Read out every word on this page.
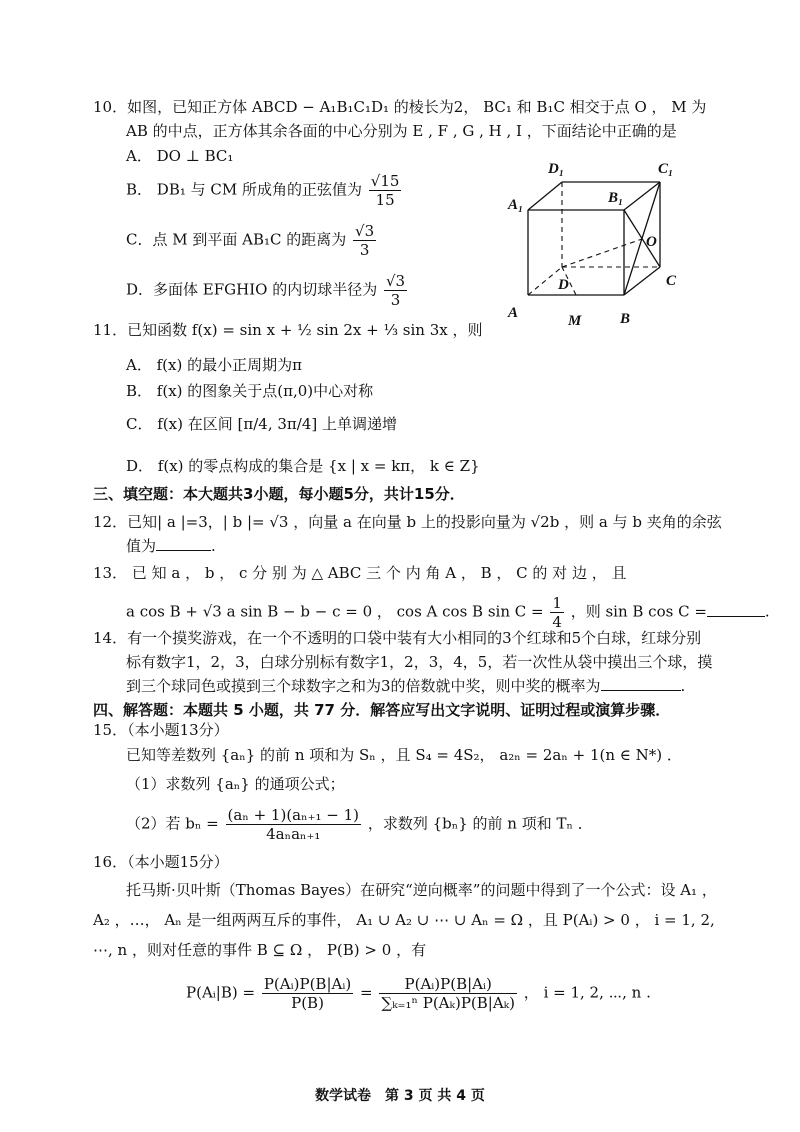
10．如图，已知正方体 ABCD − A₁B₁C₁D₁ 的棱长为2， BC₁ 和 B₁C 相交于点 O ， M 为
AB 的中点，正方体其余各面的中心分别为 E , F , G , H , I ，下面结论中正确的是
A． DO ⊥ BC₁
B． DB₁ 与 CM 所成角的正弦值为 $\frac{√15}{15}$
C．点 M 到平面 AB₁C 的距离为 $\frac{√3}{3}$
D．多面体 EFGHIO 的内切球半径为 $\frac{√3}{3}$
D₁	C₁
B₁
A₁
O
D	C
A	M	B
11．已知函数 f(x) = sin x + ½ sin 2x + ⅓ sin 3x ，则
A． f(x) 的最小正周期为π
B． f(x) 的图象关于点(π,0)中心对称
C． f(x) 在区间 [π/4, 3π/4] 上单调递增
D． f(x) 的零点构成的集合是 {x | x = kπ， k ∈ Z}
三、填空题：本大题共3小题，每小题5分，共计15分．
12．已知| a |=3，| b |= √3 ，向量 a 在向量 b 上的投影向量为 √2b ，则 a 与 b 夹角的余弦
值为	.
13． 已 知 a ， b ， c 分 别 为 △ ABC 三 个 内 角 A ， B ， C 的 对 边 ， 且
a cos B + √3 a sin B − b − c = 0 ， cos A cos B $\sin C = \frac{1}{4}$ ，则 sin B cos C =	.
14．有一个摸奖游戏，在一个不透明的口袋中装有大小相同的3个红球和5个白球，红球分别
标有数字1，2，3，白球分别标有数字1，2，3，4，5，若一次性从袋中摸出三个球，摸
到三个球同色或摸到三个球数字之和为3的倍数就中奖，则中奖的概率为	.
四、解答题：本题共 5 小题，共 77 分．解答应写出文字说明、证明过程或演算步骤．
15．（本小题13分）
已知等差数列 {aₙ} 的前 n 项和为 Sₙ ，且 S₄ = 4S₂， a₂ₙ = 2aₙ + 1(n ∈ N*) ．
（1）求数列 {aₙ} 的通项公式；
（2）若 $b_n = \frac{\text{(aₙ + 1)(aₙ₊₁ − 1)}}{\text{4aₙaₙ₊₁}}$ ，求数列 {bₙ} 的前 n 项和 Tₙ ．
16．（本小题15分）
托马斯·贝叶斯（Thomas Bayes）在研究“逆向概率”的问题中得到了一个公式：设 A₁ ，
A₂ ，…， Aₙ 是一组两两互斥的事件， A₁ ∪ A₂ ∪ ⋯ ∪ Aₙ = Ω ，且 P(Aᵢ) > 0 ， i = 1, 2,
⋯, n ，则对任意的事件 B ⊆ Ω ， P(B) > 0 ，有
P(Aᵢ|B) = $\frac{\text{P(Aᵢ)P(B|Aᵢ)}}{P(B)} = \frac{\text{P(Aᵢ)P(B|Aᵢ)}}{\text{∑ₖ₌₁ⁿ P(Aₖ)P(B|Aₖ)}}$ ， i = 1, 2, ⋯, n .
数学试卷　第 3 页 共 4 页
